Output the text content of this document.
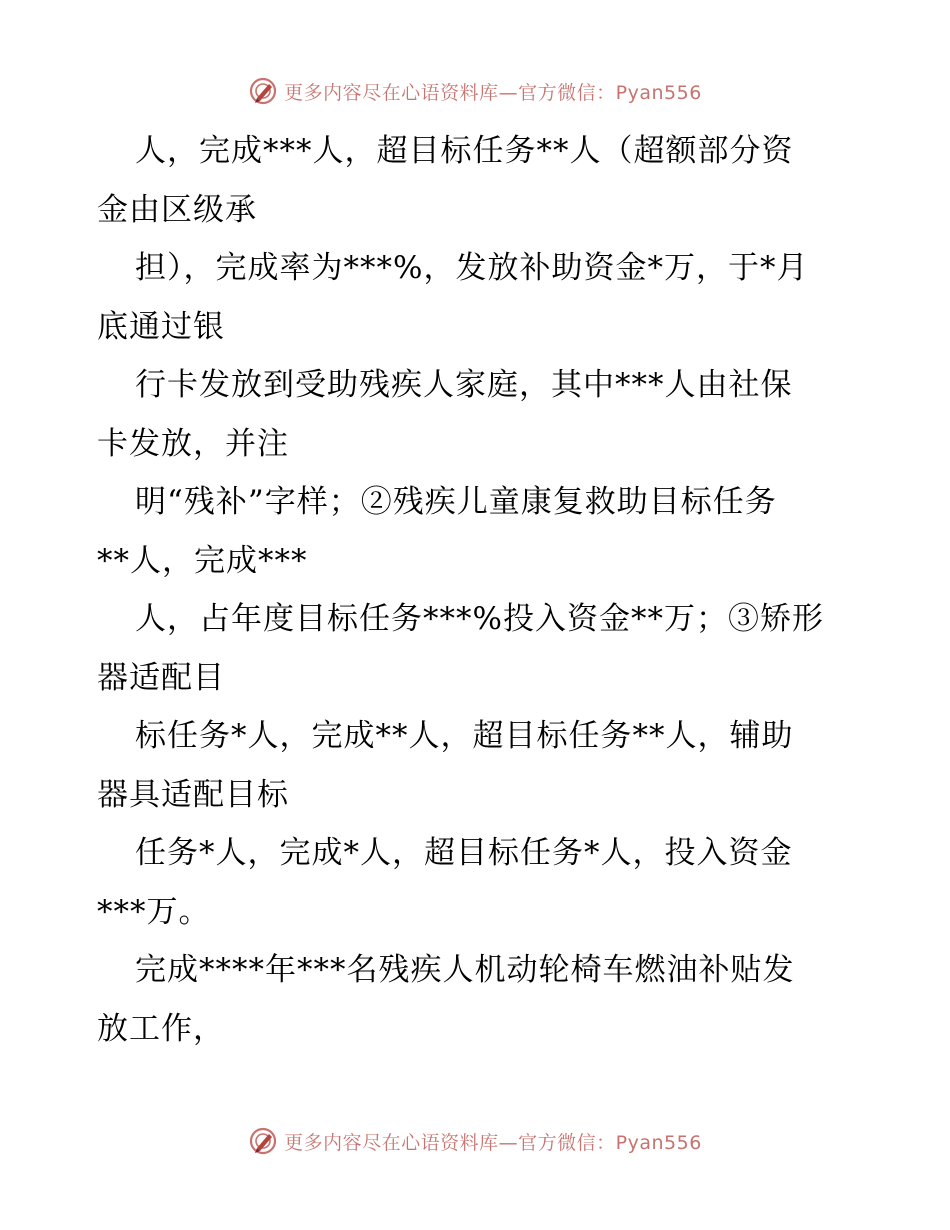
更多内容尽在心语资料库—官方微信：Pyan556
人，完成***人，超目标任务**人（超额部分资
金由区级承
担），完成率为***%，发放补助资金*万，于*月
底通过银
行卡发放到受助残疾人家庭，其中***人由社保
卡发放，并注
明“残补”字样；②残疾儿童康复救助目标任务
**人，完成***
人，占年度目标任务***%投入资金**万；③矫形
器适配目
标任务*人，完成**人，超目标任务**人，辅助
器具适配目标
任务*人，完成*人，超目标任务*人，投入资金
***万。
完成****年***名残疾人机动轮椅车燃油补贴发
放工作，
更多内容尽在心语资料库—官方微信：Pyan556
